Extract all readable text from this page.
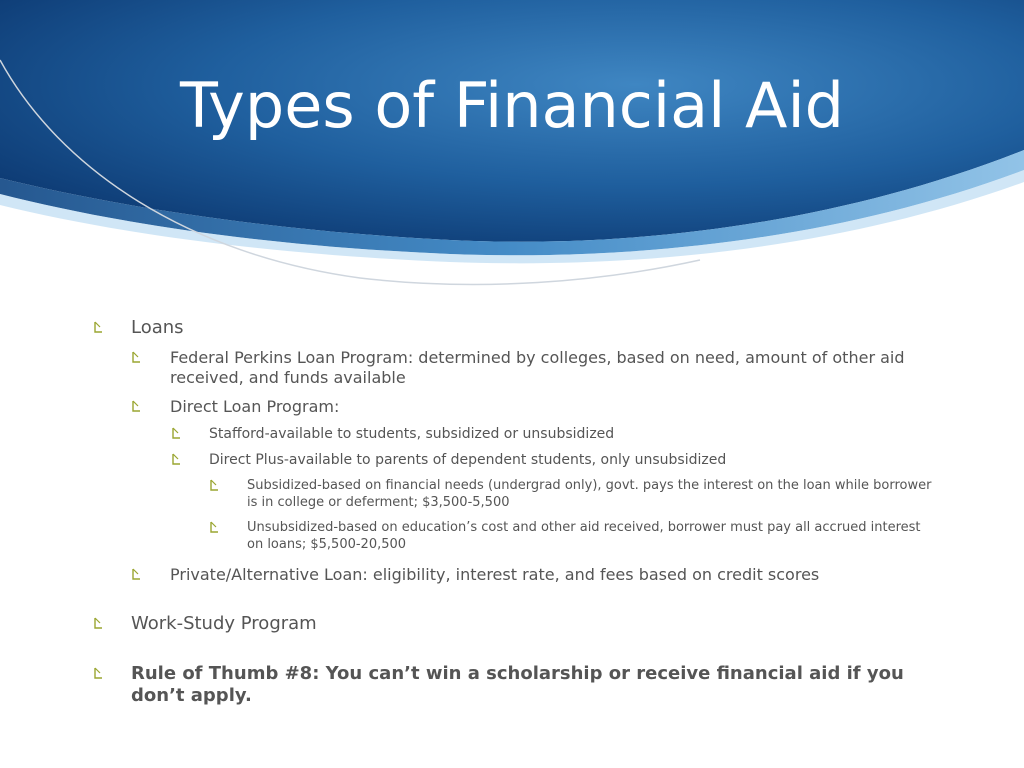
Types of Financial Aid
Loans
Federal Perkins Loan Program: determined by colleges, based on need, amount of other aid received, and funds available
Direct Loan Program:
Stafford-available to students, subsidized or unsubsidized
Direct Plus-available to parents of dependent students, only unsubsidized
Subsidized-based on financial needs (undergrad only), govt. pays the interest on the loan while borrower is in college or deferment; $3,500-5,500
Unsubsidized-based on education’s cost and other aid received, borrower must pay all accrued interest on loans; $5,500-20,500
Private/Alternative Loan: eligibility, interest rate, and fees based on credit scores
Work-Study Program
Rule of Thumb #8: You can’t win a scholarship or receive financial aid if you don’t apply.
